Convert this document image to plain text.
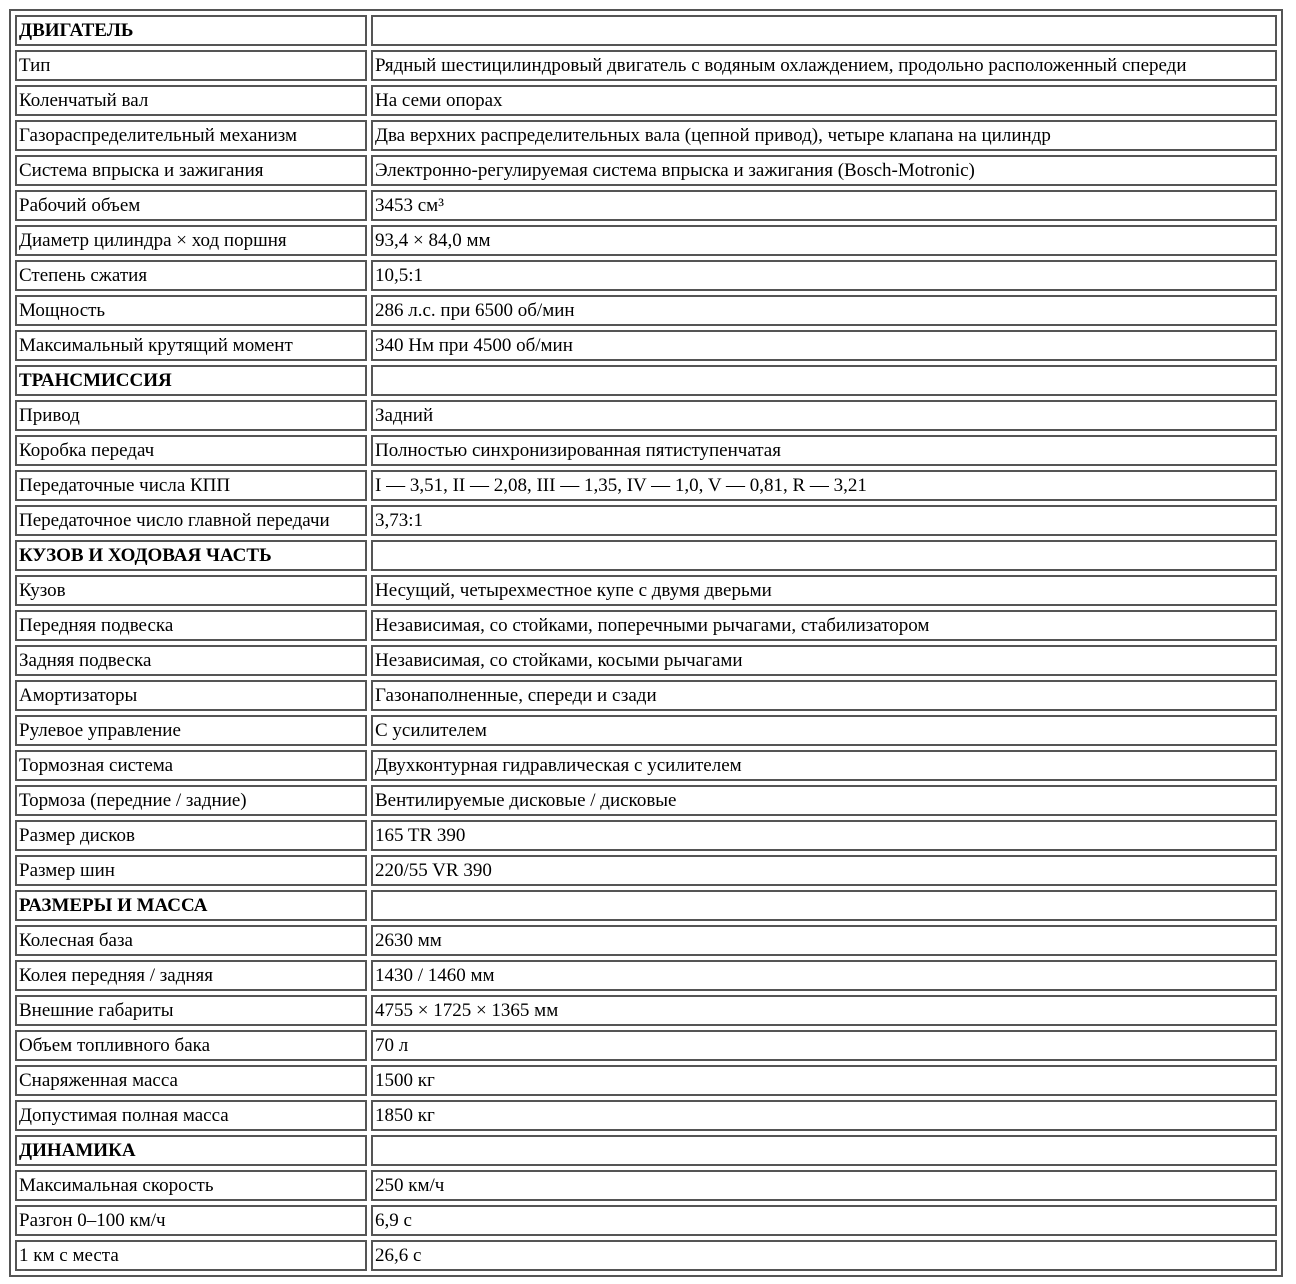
ДВИГАТЕЛЬ	
Тип	Рядный шестицилиндровый двигатель с водяным охлаждением, продольно расположенный спереди
Коленчатый вал	На семи опорах
Газораспределительный механизм	Два верхних распределительных вала (цепной привод), четыре клапана на цилиндр
Система впрыска и зажигания	Электронно-регулируемая система впрыска и зажигания (Bosch-Motronic)
Рабочий объем	3453 см³
Диаметр цилиндра × ход поршня	93,4 × 84,0 мм
Степень сжатия	10,5:1
Мощность	286 л.с. при 6500 об/мин
Максимальный крутящий момент	340 Нм при 4500 об/мин
ТРАНСМИССИЯ	
Привод	Задний
Коробка передач	Полностью синхронизированная пятиступенчатая
Передаточные числа КПП	I — 3,51, II — 2,08, III — 1,35, IV — 1,0, V — 0,81, R — 3,21
Передаточное число главной передачи	3,73:1
КУЗОВ И ХОДОВАЯ ЧАСТЬ	
Кузов	Несущий, четырехместное купе с двумя дверьми
Передняя подвеска	Независимая, со стойками, поперечными рычагами, стабилизатором
Задняя подвеска	Независимая, со стойками, косыми рычагами
Амортизаторы	Газонаполненные, спереди и сзади
Рулевое управление	С усилителем
Тормозная система	Двухконтурная гидравлическая с усилителем
Тормоза (передние / задние)	Вентилируемые дисковые / дисковые
Размер дисков	165 TR 390
Размер шин	220/55 VR 390
РАЗМЕРЫ И МАССА	
Колесная база	2630 мм
Колея передняя / задняя	1430 / 1460 мм
Внешние габариты	4755 × 1725 × 1365 мм
Объем топливного бака	70 л
Снаряженная масса	1500 кг
Допустимая полная масса	1850 кг
ДИНАМИКА	
Максимальная скорость	250 км/ч
Разгон 0–100 км/ч	6,9 с
1 км с места	26,6 с
